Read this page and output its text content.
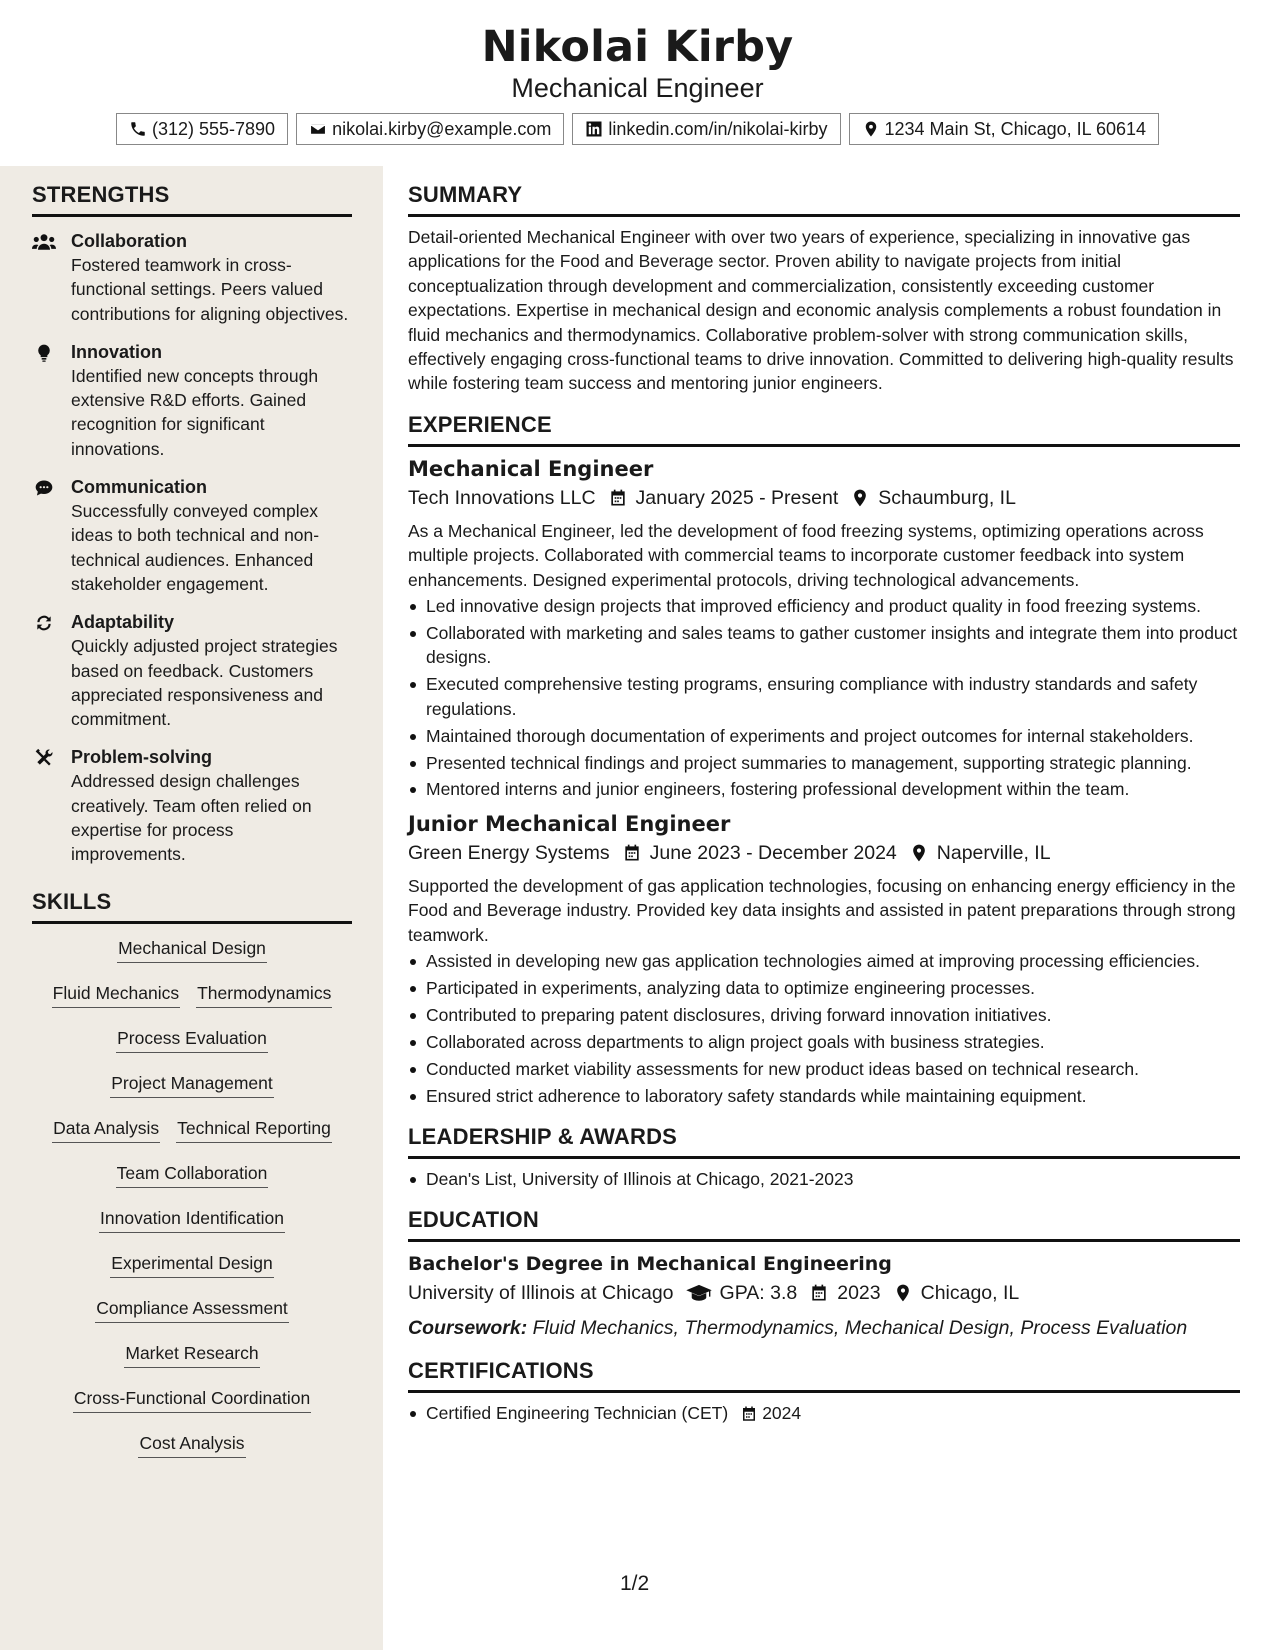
Nikolai Kirby
Mechanical Engineer
(312) 555-7890	nikolai.kirby@example.com	linkedin.com/in/nikolai-kirby	1234 Main St, Chicago, IL 60614
STRENGTHS
Collaboration
Fostered teamwork in cross-functional settings. Peers valued contributions for aligning objectives.
Innovation
Identified new concepts through extensive R&D efforts. Gained recognition for significant innovations.
Communication
Successfully conveyed complex ideas to both technical and non-technical audiences. Enhanced stakeholder engagement.
Adaptability
Quickly adjusted project strategies based on feedback. Customers appreciated responsiveness and commitment.
Problem-solving
Addressed design challenges creatively. Team often relied on expertise for process improvements.
SKILLS
Mechanical Design
Fluid Mechanics Thermodynamics
Process Evaluation
Project Management
Data Analysis Technical Reporting
Team Collaboration
Innovation Identification
Experimental Design
Compliance Assessment
Market Research
Cross-Functional Coordination
Cost Analysis
SUMMARY
Detail-oriented Mechanical Engineer with over two years of experience, specializing in innovative gas applications for the Food and Beverage sector. Proven ability to navigate projects from initial conceptualization through development and commercialization, consistently exceeding customer expectations. Expertise in mechanical design and economic analysis complements a robust foundation in fluid mechanics and thermodynamics. Collaborative problem-solver with strong communication skills, effectively engaging cross-functional teams to drive innovation. Committed to delivering high-quality results while fostering team success and mentoring junior engineers.
EXPERIENCE
Mechanical Engineer
Tech Innovations LLC January 2025 - Present Schaumburg, IL
As a Mechanical Engineer, led the development of food freezing systems, optimizing operations across multiple projects. Collaborated with commercial teams to incorporate customer feedback into system enhancements. Designed experimental protocols, driving technological advancements.
Led innovative design projects that improved efficiency and product quality in food freezing systems.
Collaborated with marketing and sales teams to gather customer insights and integrate them into product designs.
Executed comprehensive testing programs, ensuring compliance with industry standards and safety regulations.
Maintained thorough documentation of experiments and project outcomes for internal stakeholders.
Presented technical findings and project summaries to management, supporting strategic planning.
Mentored interns and junior engineers, fostering professional development within the team.
Junior Mechanical Engineer
Green Energy Systems June 2023 - December 2024 Naperville, IL
Supported the development of gas application technologies, focusing on enhancing energy efficiency in the Food and Beverage industry. Provided key data insights and assisted in patent preparations through strong teamwork.
Assisted in developing new gas application technologies aimed at improving processing efficiencies.
Participated in experiments, analyzing data to optimize engineering processes.
Contributed to preparing patent disclosures, driving forward innovation initiatives.
Collaborated across departments to align project goals with business strategies.
Conducted market viability assessments for new product ideas based on technical research.
Ensured strict adherence to laboratory safety standards while maintaining equipment.
LEADERSHIP & AWARDS
Dean's List, University of Illinois at Chicago, 2021-2023
EDUCATION
Bachelor's Degree in Mechanical Engineering
University of Illinois at Chicago GPA: 3.8 2023 Chicago, IL
Coursework: Fluid Mechanics, Thermodynamics, Mechanical Design, Process Evaluation
CERTIFICATIONS
Certified Engineering Technician (CET) 2024
1/2
